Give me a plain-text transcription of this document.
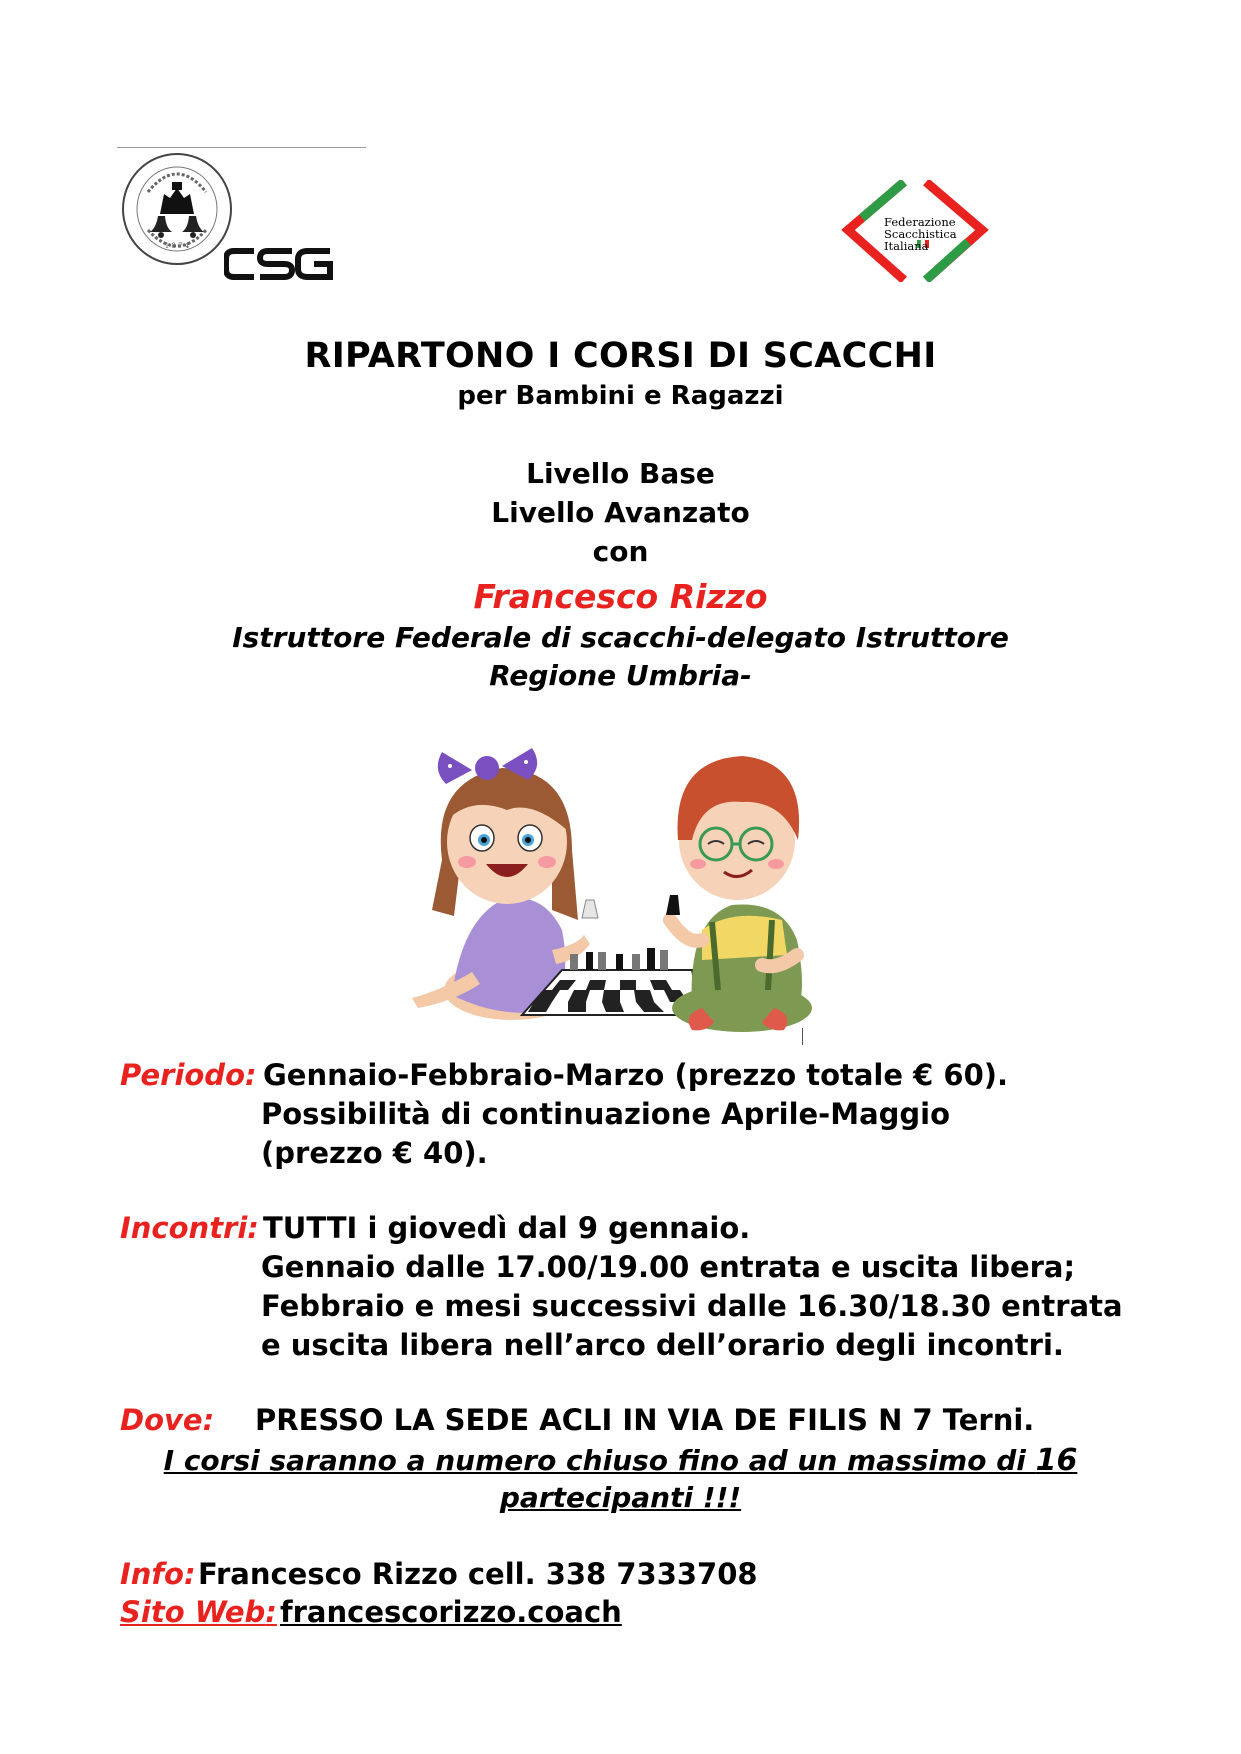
1 8 7 4
Federazione
Scacchistica
Italiana
RIPARTONO I CORSI DI SCACCHI
per Bambini e Ragazzi
Livello Base
Livello Avanzato
con
Francesco Rizzo
Istruttore Federale di scacchi-delegato Istruttore
Regione Umbria-
Periodo: Gennaio-Febbraio-Marzo (prezzo totale € 60).
Possibilità di continuazione Aprile-Maggio
(prezzo € 40).
Incontri: TUTTI i giovedì dal 9 gennaio.
Gennaio dalle 17.00/19.00 entrata e uscita libera;
Febbraio e mesi successivi dalle 16.30/18.30 entrata
e uscita libera nell’arco dell’orario degli incontri.
Dove: PRESSO LA SEDE ACLI IN VIA DE FILIS N 7 Terni.
I corsi saranno a numero chiuso fino ad un massimo di 16
partecipanti !!!
Info: Francesco Rizzo cell. 338 7333708
Sito Web: francescorizzo.coach
